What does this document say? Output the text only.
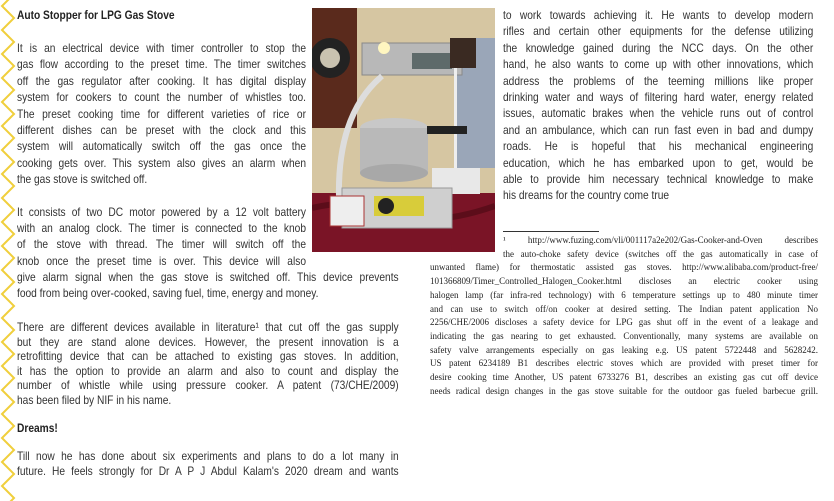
Auto Stopper for LPG Gas Stove
It is an electrical device with timer controller to stop the
gas flow according to the preset time. The timer switches
off the gas regulator after cooking. It has digital display
system for cookers to count the number of whistles too.
The preset cooking time for different varieties of rice or
different dishes can be preset with the clock and this
system will automatically switch off the gas once the
cooking gets over. This system also gives an alarm when
the gas stove is switched off.
It consists of two DC motor powered by a 12 volt battery
with an analog clock. The timer is connected to the knob
of the stove with thread. The timer will switch off the
knob once the preset time is over. This device will also
give alarm signal when the gas stove is switched off. This device prevents
food from being over-cooked, saving fuel, time, energy and money.
There are different devices available in literature¹ that cut off the gas supply
but they are stand alone devices. However, the present innovation is a
retrofitting device that can be attached to existing gas stoves. In addition,
it has the option to provide an alarm and also to count and display the
number of whistle while using pressure cooker. A patent (73/CHE/2009)
has been filed by NIF in his name.
Dreams!
Till now he has done about six experiments and plans to do a lot many in
future. He feels strongly for Dr A P J Abdul Kalam's 2020 dream and wants
to work towards achieving it. He wants to develop modern
rifles and certain other equipments for the defense utilizing
the knowledge gained during the NCC days. On the other
hand, he also wants to come up with other innovations, which
address the problems of the teeming millions like proper
drinking water and ways of filtering hard water, energy related
issues, automatic brakes when the vehicle runs out of control
and an ambulance, which can run fast even in bad and dumpy
roads. He is hopeful that his mechanical engineering
education, which he has embarked upon to get, would be
able to provide him necessary technical knowledge to make
his dreams for the country come true
¹ http://www.fuzing.com/vli/001117a2e202/Gas-Cooker-and-Oven describes
the auto-choke safety device (switches off the gas automatically in case of
unwanted flame) for thermostatic assisted gas stoves. http://www.alibaba.com/product-free/
101366809/Timer_Controlled_Halogen_Cooker.html discloses an electric cooker using
halogen lamp (far infra-red technology) with 6 temperature settings up to 480 minute timer
and can use to switch off/on cooker at desired setting. The Indian patent application No
2256/CHE/2006 discloses a safety device for LPG gas shut off in the event of a leakage and
indicating the gas nearing to get exhausted. Conventionally, many systems are available on
safety valve arrangements especially on gas leaking e.g. US patent 5722448 and 5628242.
US patent 6234189 B1 describes electric stoves which are provided with preset timer for
desire cooking time Another, US patent 6733276 B1, describes an existing gas cut off device
needs radical design changes in the gas stove suitable for the outdoor gas fueled barbecue grill.
